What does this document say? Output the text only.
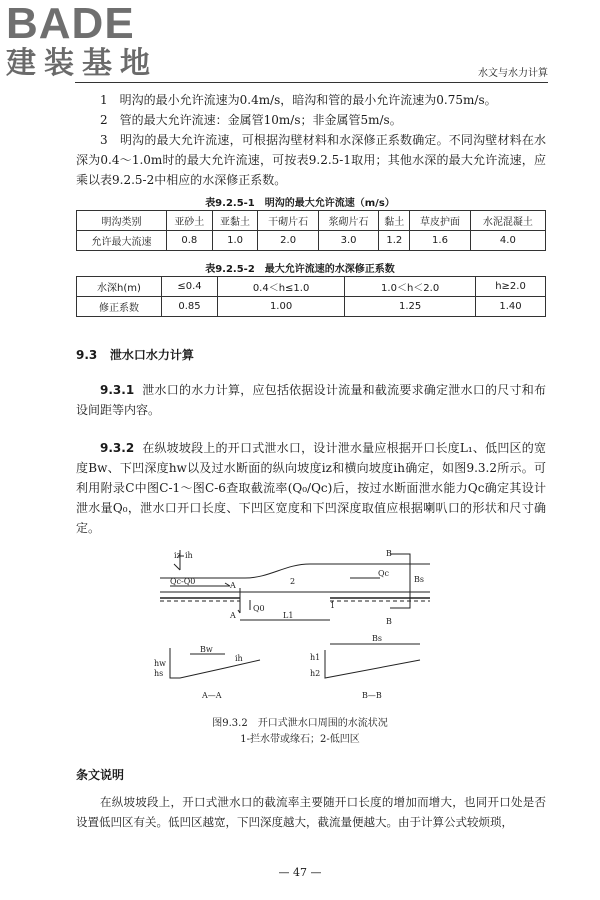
BADE
建装基地	水文与水力计算
1　明沟的最小允许流速为0.4m/s，暗沟和管的最小允许流速为0.75m/s。
2　管的最大允许流速：金属管10m/s；非金属管5m/s。
3　明沟的最大允许流速，可根据沟壁材料和水深修正系数确定。不同沟壁材料在水深为0.4～1.0m时的最大允许流速，可按表9.2.5-1取用；其他水深的最大允许流速，应乘以表9.2.5-2中相应的水深修正系数。
表9.2.5-1　明沟的最大允许流速（m/s）
明沟类别	亚砂土	亚黏土	干砌片石	浆砌片石	黏土	草皮护面	水泥混凝土
允许最大流速	0.8	1.0	2.0	3.0	1.2	1.6	4.0
表9.2.5-2　最大允许流速的水深修正系数
水深h(m)	≤0.4	0.4＜h≤1.0	1.0＜h＜2.0	h≥2.0
修正系数	0.85	1.00	1.25	1.40
9.3 泄水口水力计算
9.3.1 泄水口的水力计算，应包括依据设计流量和截流要求确定泄水口的尺寸和布设间距等内容。
9.3.2 在纵坡坡段上的开口式泄水口，设计泄水量应根据开口长度L₁、低凹区的宽度Bw、下凹深度hw以及过水断面的纵向坡度iz和横向坡度ih确定，如图9.3.2所示。可利用附录C中图C-1～图C-6查取截流率(Q₀/Qc)后，按过水断面泄水能力Qc确定其设计泄水量Q₀，泄水口开口长度、下凹区宽度和下凹深度取值应根据喇叭口的形状和尺寸确定。
iz ih
Qc-Q0	A
A
Q0
B
B
Qc
Bs
L1
1
2
Bw
hw
hs
ih
A—A
Bs
h1
h2
B—B
图9.3.2　开口式泄水口周围的水流状况
1-拦水带或缘石；2-低凹区
条文说明
在纵坡坡段上，开口式泄水口的截流率主要随开口长度的增加而增大，也同开口处是否设置低凹区有关。低凹区越宽，下凹深度越大，截流量便越大。由于计算公式较烦琐，
— 47 —
